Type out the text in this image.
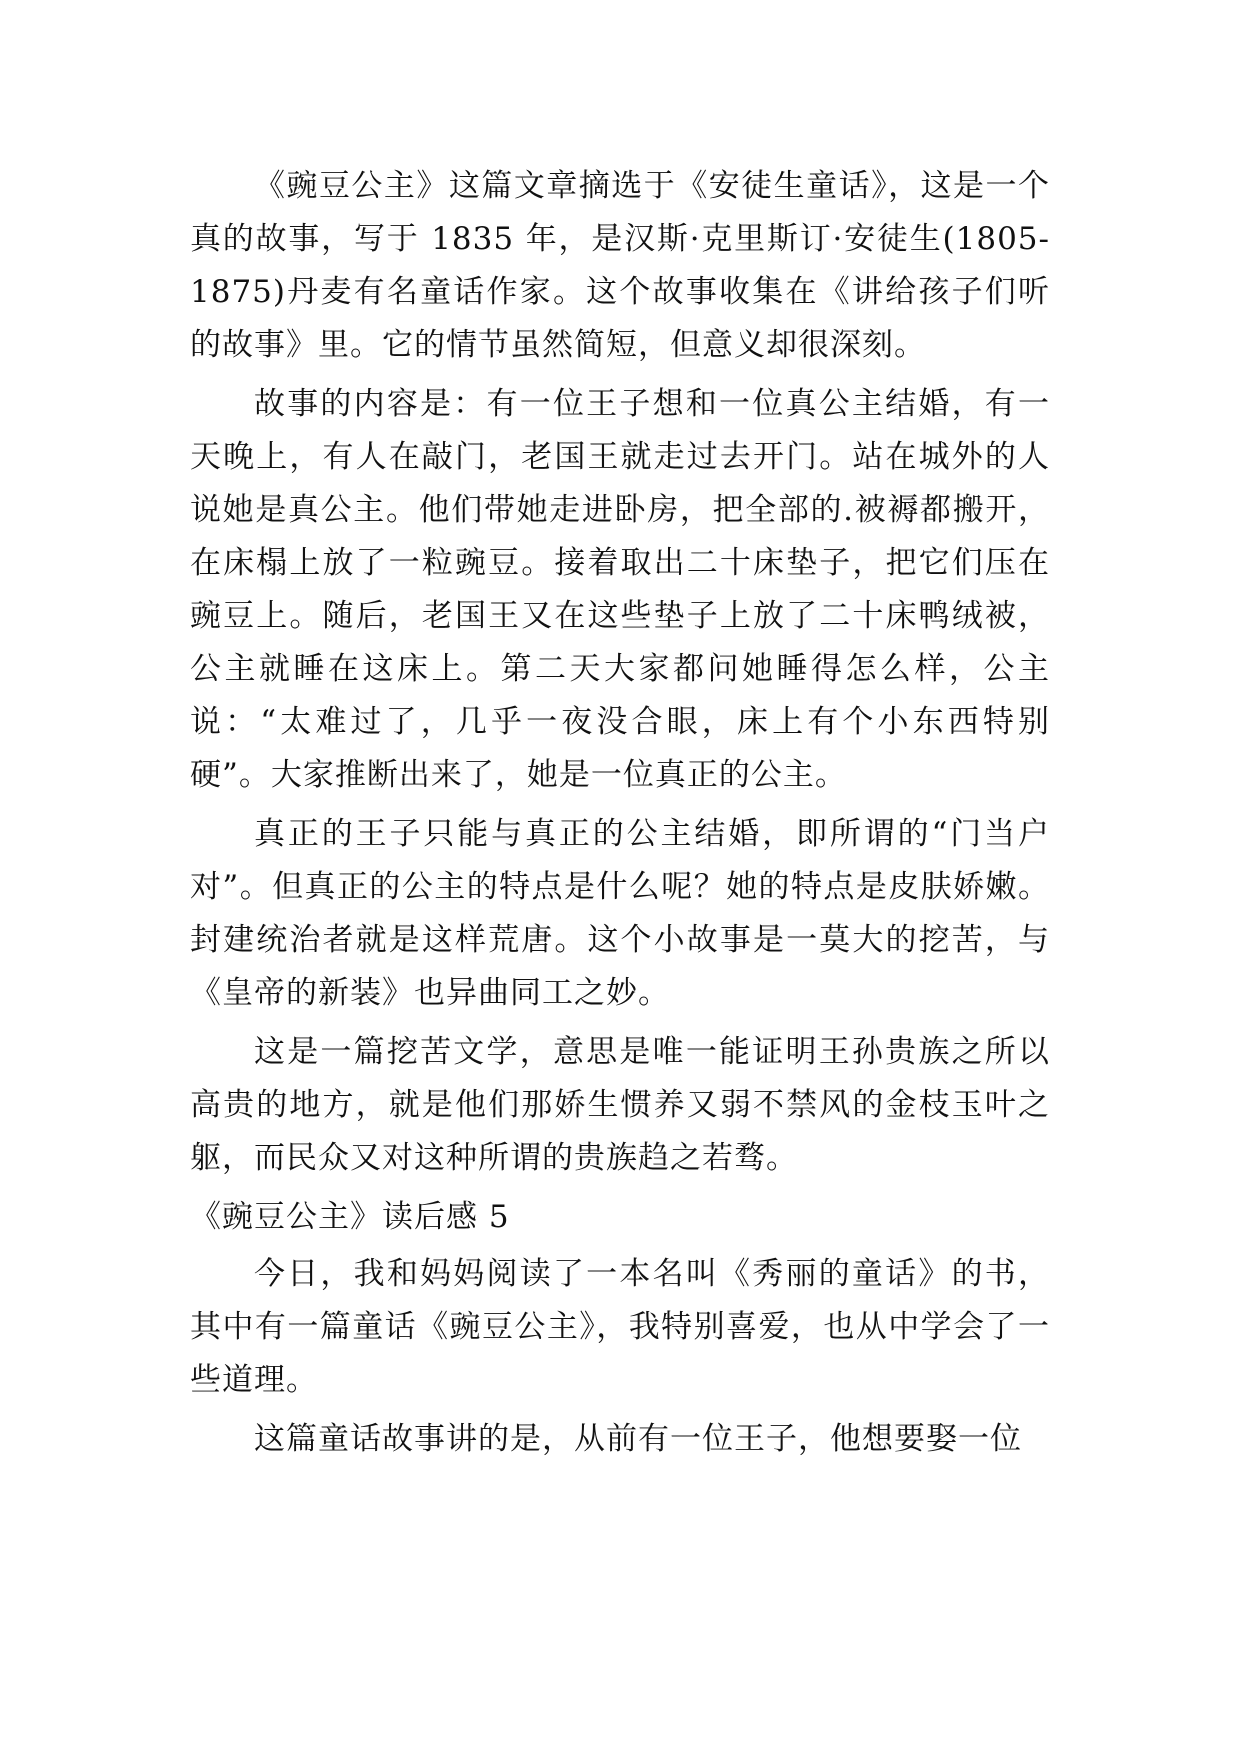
《豌豆公主》这篇文章摘选于《安徒生童话》，这是一个真的故事，写于 1835 年，是汉斯·克里斯订·安徒生(1805-1875)丹麦有名童话作家。这个故事收集在《讲给孩子们听的故事》里。它的情节虽然简短，但意义却很深刻。

故事的内容是：有一位王子想和一位真公主结婚，有一天晚上，有人在敲门，老国王就走过去开门。站在城外的人说她是真公主。他们带她走进卧房，把全部的.被褥都搬开，在床榻上放了一粒豌豆。接着取出二十床垫子，把它们压在豌豆上。随后，老国王又在这些垫子上放了二十床鸭绒被，公主就睡在这床上。第二天大家都问她睡得怎么样，公主说：“太难过了，几乎一夜没合眼，床上有个小东西特别硬”。大家推断出来了，她是一位真正的公主。

真正的王子只能与真正的公主结婚，即所谓的“门当户对”。但真正的公主的特点是什么呢？她的特点是皮肤娇嫩。封建统治者就是这样荒唐。这个小故事是一莫大的挖苦，与《皇帝的新装》也异曲同工之妙。

这是一篇挖苦文学，意思是唯一能证明王孙贵族之所以高贵的地方，就是他们那娇生惯养又弱不禁风的金枝玉叶之躯，而民众又对这种所谓的贵族趋之若骛。

《豌豆公主》读后感 5

今日，我和妈妈阅读了一本名叫《秀丽的童话》的书，其中有一篇童话《豌豆公主》，我特别喜爱，也从中学会了一些道理。

这篇童话故事讲的是，从前有一位王子，他想要娶一位
